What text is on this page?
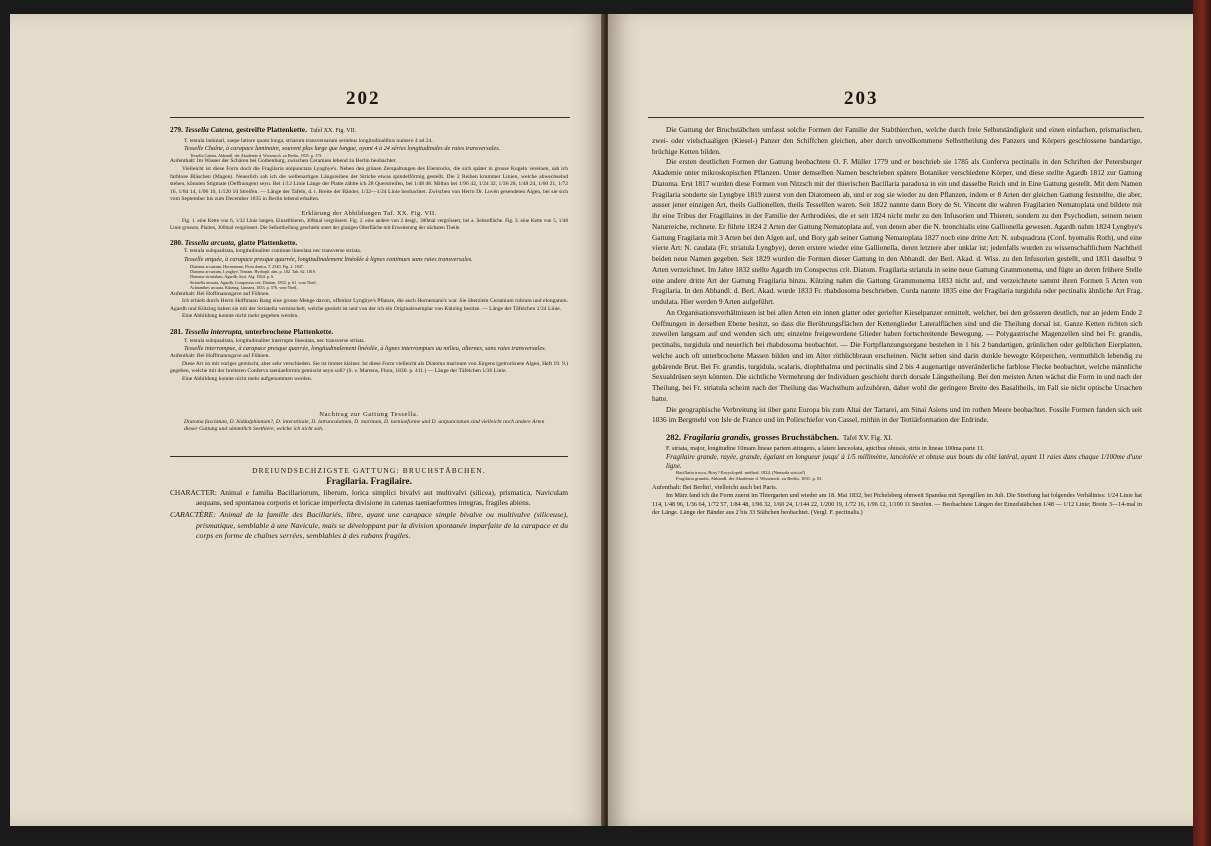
202
279. Tessella Catena, gestreifte Plattenkette. Tafel XX. Fig. VII.
T. testula laminari, saepe latiore quam longa, striarum transversarum seriebus longitudinalibus numero 4 ad 24.
Tesselle Chaîne, à carapace laminaire, souvent plus large que longue, ayant 4 à 24 séries longitudinales de raies transversales.
Tessella Catena, Abhandl. der Akademie d. Wissensch. zu Berlin, 1835. p. 173.
Aufenthalt: Im Wasser der Schären bei Gothenburg, zwischen Ceramien lebend zu Berlin beobachtet.
Vielleicht ist diese Form doch die Fragilaria unipunctata Lyngbye's. Neben den grünen Zerspaltungen des Eierstocks, die sich später in grosse Kugeln vereinen, sah ich farblose Bläschen (Magen). Neuerlich sah ich die wellenartigen Längsreihen der Striche etwas spindelförmig gestellt. Die 2 Reihen krummer Linien, welche abwechselnd stehen, könnten Stigmate (Oeffnungen) seyn. Bei 1/12 Linie Länge der Platte zählte ich 28 Querstreifen, bei 1/48 48. Mithin bei 1/96 42, 1/24 32, 1/36 28, 1/48 24, 1/60 21, 1/72 16, 1/84 14, 1/96 10, 1/120 10 Streifen. — Länge der Tafeln, d. i. Breite der Bänder, 1/32—1/24 Linie beobachtet. Zwischen von Herrn Dr. Lovén gesendeten Algen, bei sie sich vom September bis zum December 1835 in Berlin lebend erhalten.
Erklärung der Abbildungen Taf. XX. Fig. VII.
Fig. 1. eine Kette von 6, 1/32 Linie langen, Einzelthieren, 300mal vergrössert. Fig. 2. eine andere von 2 desgl., 300mal vergrössert, bei a. Seitenfläche. Fig. 3. eine Kette von 5, 1/48 Linie grossen, Platten, 300mal vergrössert. Die Selbsttheilung geschieht unter der glasigen Oberfläche mit Erweiterung der nächsten Theile.
280. Tessella arcuata, glatte Plattenkette.
T. testula subquadrata, longitudinaliter continue lineolata nec transverse striata.
Tesselle arquée, à carapace presque quarrée, longitudinalement linéolée à lignes continues sans raies transversales.
Diatoma arcuatum, Hornemann, Flora danica, T. 2340. Fig. 2. 1847.
Diatoma arcuatum, Lyngbye, Tentam. Hydroph. dan. p. 182. Tab. 62. 1819.
Diatoma striatulum, Agardh, Syst. Alg. 1824. p. 6.
Striatella arcuata, Agardh, Conspectus crit. Diatom. 1832. p. 61. vom Theil.
Achnanthes arcuata, Kützing, Linnaea, 1833. p. 576. vom Theil.
Aufenthalt: Bei Hoffmannsgave auf Fühnen.
Ich erhielt durch Herrn Hoffmann Bang eine grosse Menge davon, offenbar Lyngbye's Pflanze, die auch Hornemann's war. Sie überzieht Ceramium rubrum und elongatum. Agardh und Kützing haben sie mit der Striatella vermischelt, welche gestielt ist und von der ich ein Originalexemplar von Kützing besitze. — Länge der Täfelchen 1/24 Linie.
Eine Abbildung konnte nicht mehr gegeben werden.
281. Tessella interrupta, unterbrochene Plattenkette.
T. testula subquadrata, longitudinaliter interrupte lineolata, nec transverse striata.
Tesselle interrompue, à carapace presque quarrée, longitudinalement linéolée, à lignes interrompues au milieu, alternes, sans raies transversales.
Aufenthalt: Bei Hoffmannsgave auf Fühnen.
Diese Art ist mit voriger gemischt, aber sehr verschieden. Sie ist immer kleiner. Ist diese Form vielleicht als Diatoma marinum von Jürgens (getrocknete Algen, Heft 19. 9.) gegeben, welche mit der breiteren Conferva taeniaeformis gemischt seyn soll? (S. v. Martens, Flora, 1830. p. 411.) — Länge der Täfelchen 1/36 Linie.
Eine Abbildung konnte nicht mehr aufgenommen werden.
Nachtrag zur Gattung Tessella.
Diatoma fasciatum, D. biddulphianum?, D. interstitiale, D. latrunculatium, D. marinum, D. taeniaeforme und D. unipunctatum sind vielleicht noch andere Arten dieser Gattung und sämmtlich Seethiere, welche ich nicht sah.
DREIUNDSECHZIGSTE GATTUNG: BRUCHSTÄBCHEN.
Fragilaria. Fragilaire.
CHARACTER: Animal e familia Bacillariorum, liberum, lorica simplici bivalvi aut multivalvi (silicea), prismatica, Naviculam aequans, sed spontanea corporis et loricae imperfecta divisione in catenas taeniaeformes integras, fragiles abiens.
CARACTÈRE: Animal de la famille des Bacillariés, libre, ayant une carapace simple bivalve ou multivalve (siliceuse), prismatique, semblable à une Navicule, mais se développant par la division spontanée imparfaite de la carapace et du corps en forme de chaînes serrées, semblables à des rubans fragiles.
203
Die Gattung der Bruchstäbchen umfasst solche Formen der Familie der Stabthierchen, welche durch freie Selbstständigkeit und einen einfachen, prismatischen, zwei- oder vielschaaligen (Kiesel-) Panzer den Schiffchen gleichen, aber durch unvollkommene Selbsttheilung des Panzers und Körpers geschlossene bandartige, brüchige Ketten bilden.
Die ersten deutlichen Formen der Gattung beobachtete O. F. Müller 1779 und er beschrieb sie 1785 als Conferva pectinalis in den Schriften der Petersburger Akademie unter mikroskopischen Pflanzen. Unter demselben Namen beschrieben spätere Botaniker verschiedene Körper, und diese stellte Agardh 1812 zur Gattung Diatoma. Erst 1817 wurden diese Formen von Nitzsch mit der thierischen Bacillaria paradoxa in ein und dasselbe Reich und in Eine Gattung gestellt. Mit dem Namen Fragilaria sonderte sie Lyngbye 1819 zuerst von den Diatomeen ab, und er zog sie wieder zu den Pflanzen, indem er 8 Arten der gleichen Gattung feststellte, die aber, ausser jener einzigen Art, theils Gallionellen, theils Tesselllen waren. Seit 1822 nannte dann Bory de St. Vincent die wahren Fragilarien Nematoplata und bildete mit ihr eine Tribus der Fragillaires in der Familie der Arthrodiées, die er seit 1824 nicht mehr zu den Infusorien und Thieren, sondern zu den Psychodien, seinem neuen Naturreiche, rechnete. Er führte 1824 2 Arten der Gattung Nematoplata auf, von denen aber die N. bronchialis eine Gallionella gewesen. Agardh nahm 1824 Lyngbye's Gattung Fragilaria mit 3 Arten bei den Algen auf, und Bory gab seiner Gattung Nematoplata 1827 noch eine dritte Art: N. subquadrata (Conf. hyemalis Roth), und eine vierte Art: N. caudata (Fr. striatula Lyngbye), deren erstere wieder eine Gallionella, deren letztere aber unklar ist; jedenfalls wurden zu wissenschaftlichem Nachtheil beiden neue Namen gegeben. Seit 1829 wurden die Formen dieser Gattung in den Abhandl. der Berl. Akad. d. Wiss. zu den Infusorien gestellt, und 1831 daselbst 9 Arten verzeichnet. Im Jahre 1832 stellte Agardh im Conspectus crit. Diatom. Fragilaria striatula in seine neue Gattung Grammonema, und fügte an deren frühere Stelle eine andere dritte Art der Gattung Fragilaria hinzu. Kützing nahm die Gattung Grammonema 1833 nicht auf, und verzeichnete sammt ihren Formen 5 Arten von Fragilaria. In den Abhandl. d. Berl. Akad. wurde 1833 Fr. rhabdosoma beschrieben. Corda nannte 1835 eine der Fragilaria turgidula oder pectinalis ähnliche Art Frag. undulata. Hier werden 9 Arten aufgeführt.
An Organisationsverhältnissen ist bei allen Arten ein innen glatter oder geriefter Kieselpanzer ermittelt, welcher, bei den grösseren deutlich, nur an jedem Ende 2 Oeffnungen in derselben Ebene besitzt, so dass die Berührungsflächen der Kettenglieder Lateralflächen sind und die Theilung dorsal ist. Ganze Ketten richten sich zuweilen langsam auf und wenden sich um; einzelne freigewordene Glieder haben fortschreitende Bewegung. — Polygastrische Magenzellen sind bei Fr. grandis, pectinalis, turgidula und neuerlich bei rhabdosoma beobachtet. — Die Fortpflanzungsorgane bestehen in 1 bis 2 bandartigen, grünlichen oder gelblichen Eierplatten, welche auch oft unterbrochene Massen bilden und im Alter röthlichbraun erscheinen. Nicht selten sind darin dunkle bewegte Körperchen, vermuthlich lebendig zu gebärende Brut. Bei Fr. grandis, turgidula, scalaris, diophthalma und pectinalis sind 2 bis 4 augenartige unveränderliche farblose Flecke beobachtet, welche männliche Sexualdrüsen seyn könnten. Die sichtliche Vermehrung der Individuen geschieht durch dorsale Längstheilung. Bei den meisten Arten wächst die Form in und nach der Theilung, bei Fr. striatula scheint nach der Theilung das Wachsthum aufzuhören, daher wohl die geringere Breite des Basaltheils, im Fall sie nicht optische Ursachen hatte.
Die geographische Verbreitung ist über ganz Europa bis zum Altai der Tartarei, am Sinai Asiens und im rothen Meere beobachtet. Fossile Formen fanden sich seit 1836 im Bergmehl von Isle de France und im Polirschiefer von Cassel, mithin in der Tertiärformation der Erdrinde.
282. Fragilaria grandis, grosses Bruchstäbchen. Tafel XV. Fig. XI.
F. striata, major, longitudine 10mam lineae partem attingens, a latere lanceolata, apicibus obtusis, striis in lineae 100ma parte 11.
Fragilaire grande, rayée, grande, égalant en longueur jusqu' à 1/5 millimètre, lancéolée et obtuse aux bouts du côté latéral, ayant 11 raies dans chaque 1/100me d'une ligne.
Bacillaria trosca, Bory? Encyclopéd. méthod. 1824. (Nemoda stricta?)
Fragilaria grandis, Abhandl. der Akademie d. Wissensch. zu Berlin, 1831. p. 81.
Aufenthalt: Bei Berlin!, vielleicht auch bei Paris.
Im März fand ich die Form zuerst im Thiergarten und wieder am 18. Mai 1832, bei Pichelsberg ohnweit Spandau mit Spongillen im Juli. Die Streifung hat folgendes Verhältniss: 1/24 Linie hat 114, 1/48 96, 1/36 64, 1/72 57, 1/84 48, 1/96 32, 1/60 24, 1/144 22, 1/200 19, 1/72 16, 1/96 12, 1/100 11 Streifen. — Beobachtete Längen der Einzelstäbchen 1/48 — 1/12 Linie; Breite 3—14-mal in der Länge. Länge der Bänder aus 2 bis 33 Stäbchen beobachtet. (Vergl. F. pectinalis.)
